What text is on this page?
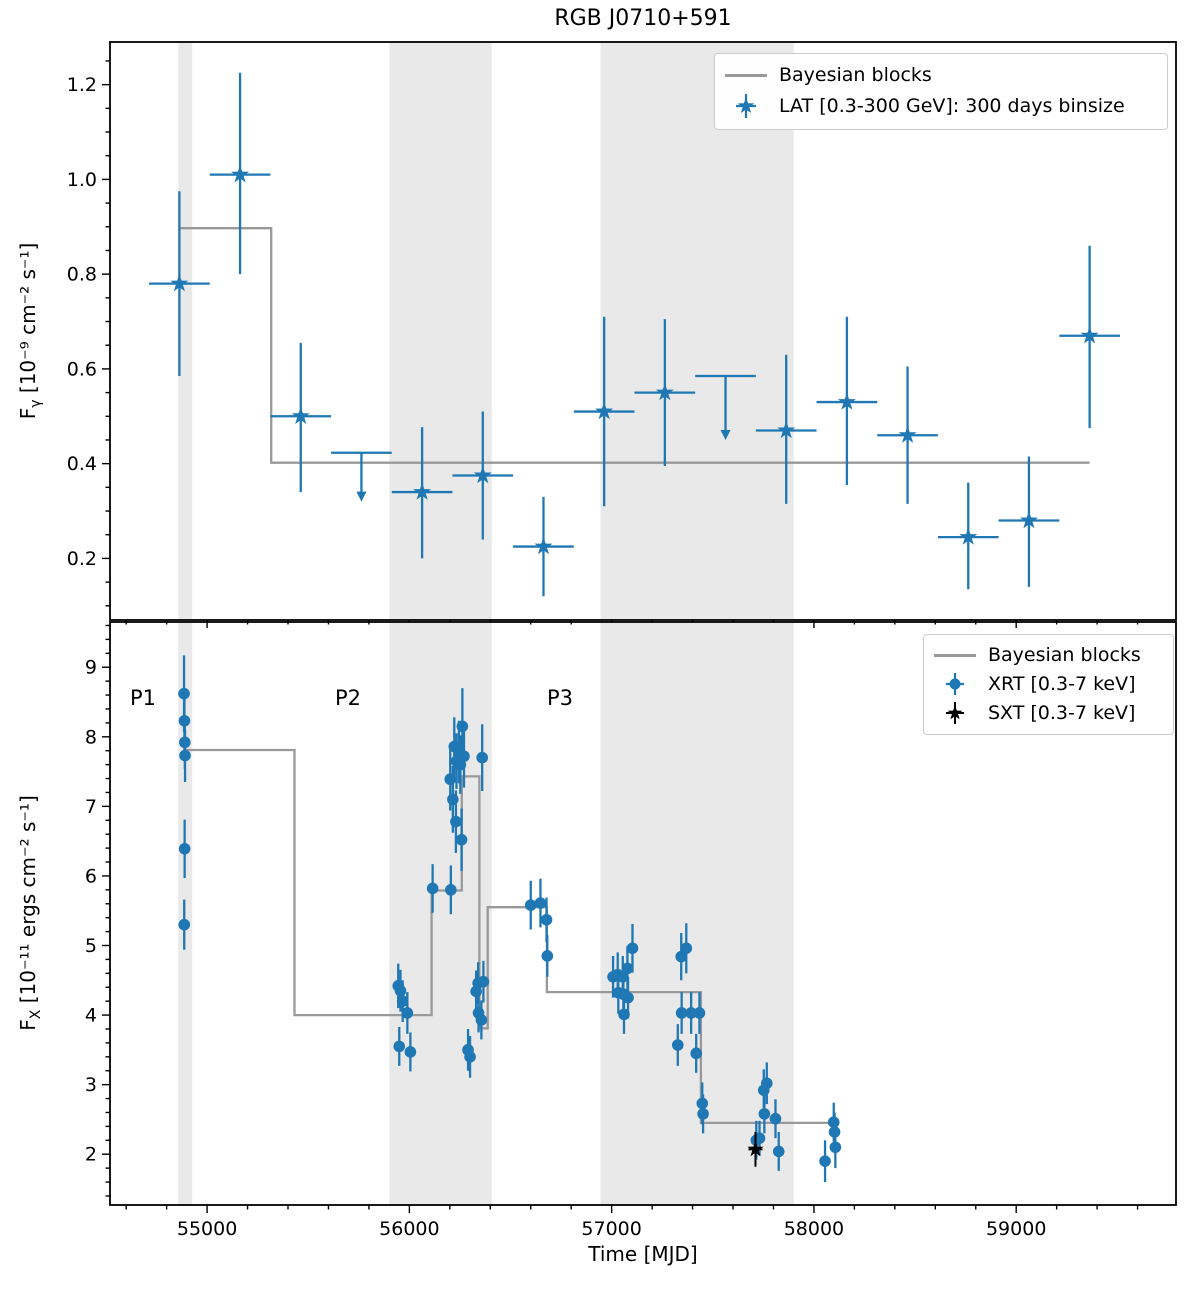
0.2
0.4
0.6
0.8
1.0
1.2
2
3
4
5
6
7
8
9
55000	56000	57000	58000	59000
RGB J0710+591
$F_\gamma$ [10⁻⁹ cm⁻² s⁻¹]
$F_X$ [10⁻¹¹ ergs cm⁻² s⁻¹]
Time [MJD]
P1	P2	P3
Bayesian blocks
LAT [0.3-300 GeV]: 300 days binsize
Bayesian blocks
XRT [0.3-7 keV]
SXT [0.3-7 keV]
